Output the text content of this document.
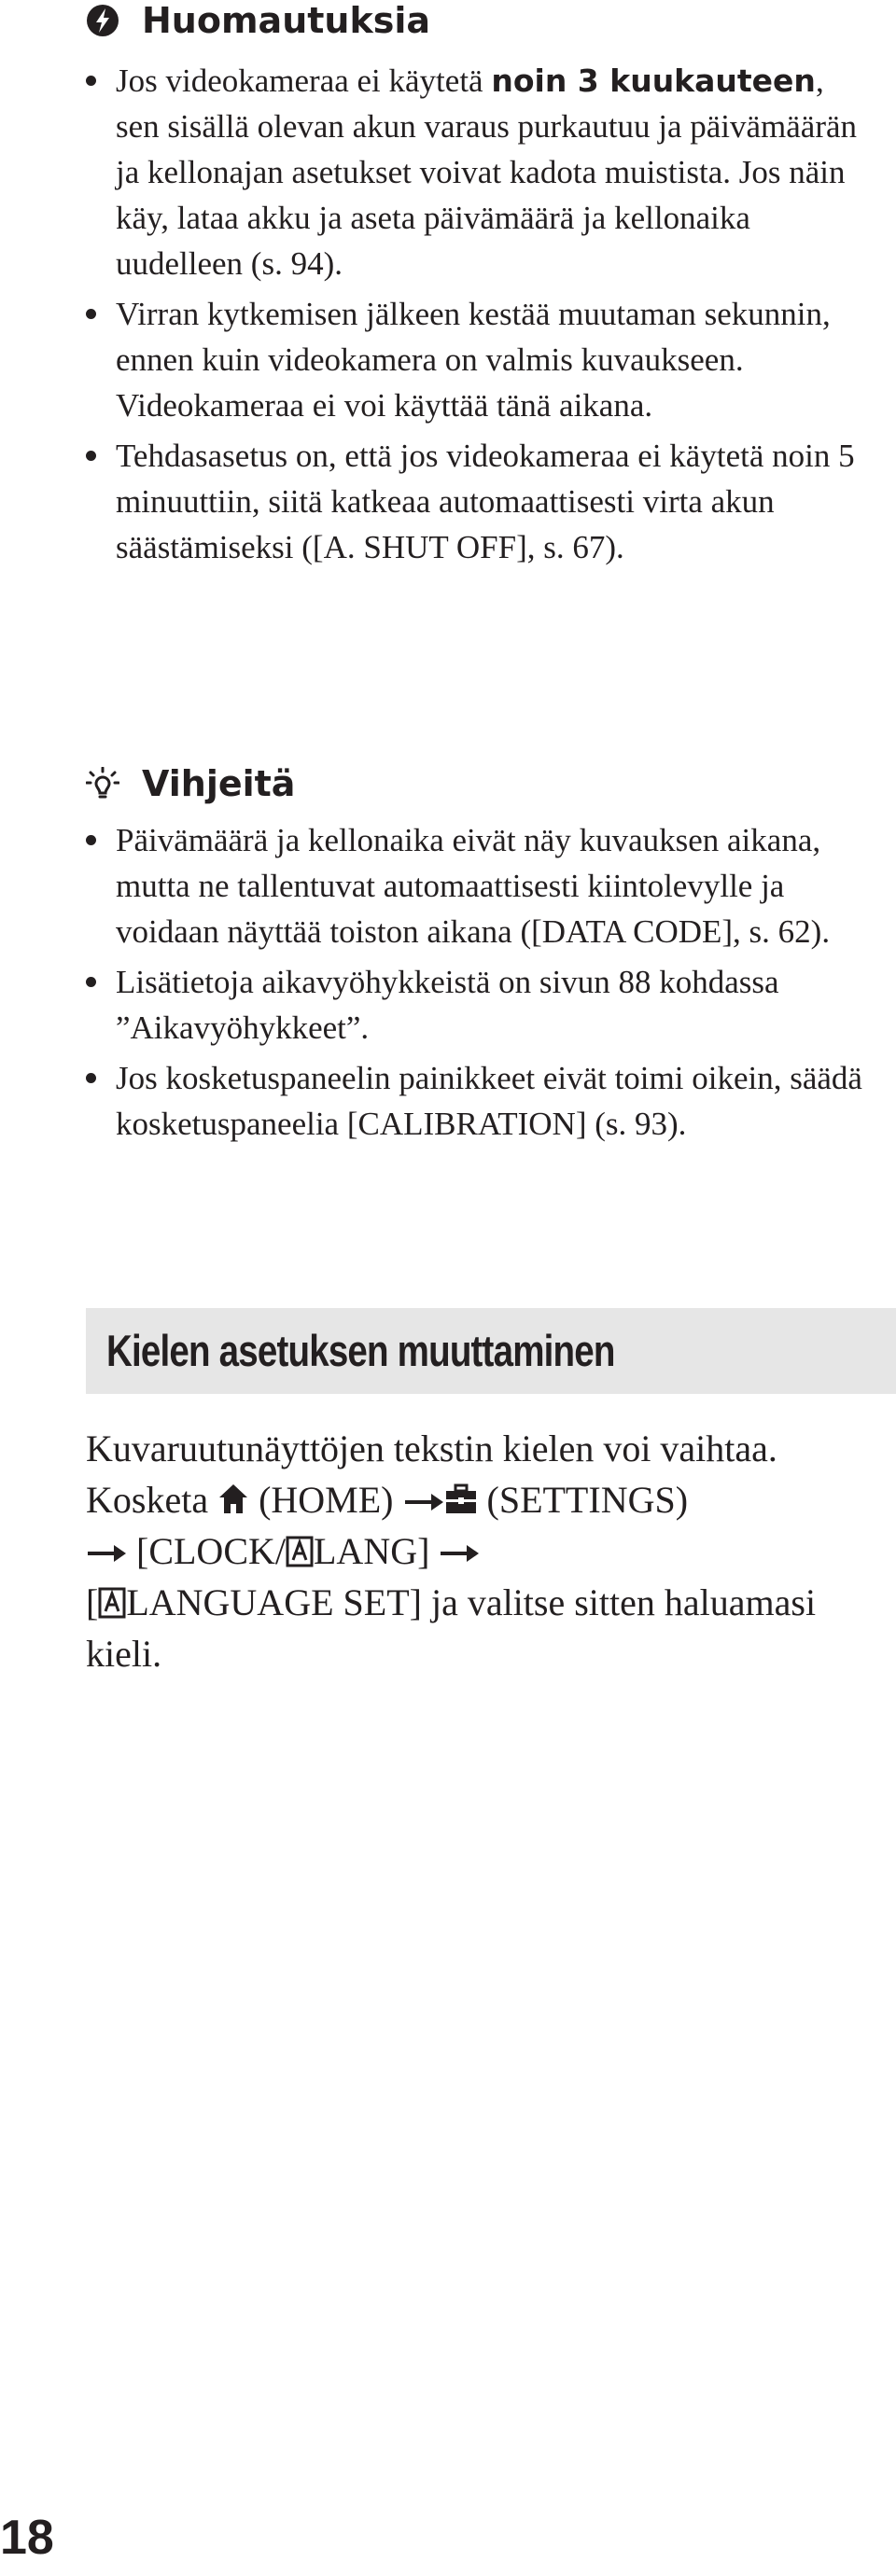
Huomautuksia
Jos videokameraa ei käytetä noin 3 kuukauteen, sen sisällä olevan akun varaus purkautuu ja päivämäärän ja kellonajan asetukset voivat kadota muistista. Jos näin käy, lataa akku ja aseta päivämäärä ja kellonaika uudelleen (s. 94).
Virran kytkemisen jälkeen kestää muutaman sekunnin, ennen kuin videokamera on valmis kuvaukseen. Videokameraa ei voi käyttää tänä aikana.
Tehdasasetus on, että jos videokameraa ei käytetä noin 5 minuuttiin, siitä katkeaa automaattisesti virta akun säästämiseksi ([A. SHUT OFF], s. 67).
Vihjeitä
Päivämäärä ja kellonaika eivät näy kuvauksen aikana, mutta ne tallentuvat automaattisesti kiintolevylle ja voidaan näyttää toiston aikana ([DATA CODE], s. 62).
Lisätietoja aikavyöhykkeistä on sivun 88 kohdassa ”Aikavyöhykkeet”.
Jos kosketuspaneelin painikkeet eivät toimi oikein, säädä kosketuspaneelia [CALIBRATION] (s. 93).
Kielen asetuksen muuttaminen
Kuvaruutunäyttöjen tekstin kielen voi vaihtaa.
Kosketa  (HOME)	(SETTINGS)
[CLOCK/ LANG]
[ LANGUAGE SET] ja valitse sitten haluamasi kieli.
18
